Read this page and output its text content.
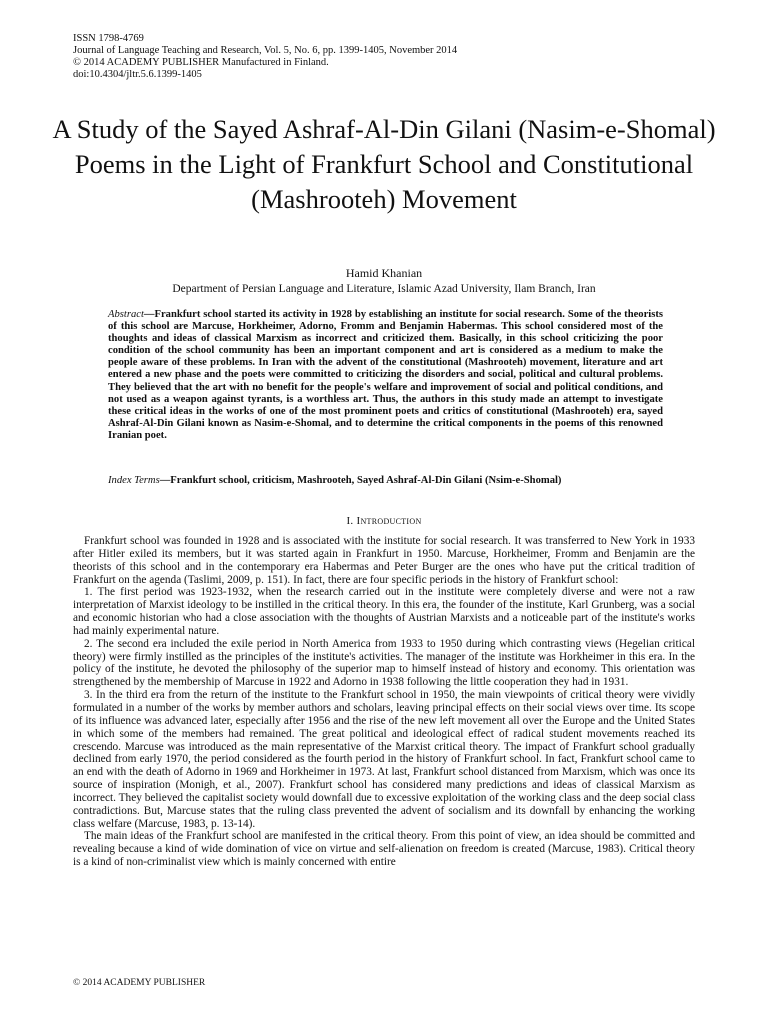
ISSN 1798-4769
Journal of Language Teaching and Research, Vol. 5, No. 6, pp. 1399-1405, November 2014
© 2014 ACADEMY PUBLISHER Manufactured in Finland.
doi:10.4304/jltr.5.6.1399-1405
A Study of the Sayed Ashraf-Al-Din Gilani (Nasim-e-Shomal) Poems in the Light of Frankfurt School and Constitutional (Mashrooteh) Movement
Hamid Khanian
Department of Persian Language and Literature, Islamic Azad University, Ilam Branch, Iran

Abstract—Frankfurt school started its activity in 1928 by establishing an institute for social research. Some of the theorists of this school are Marcuse, Horkheimer, Adorno, Fromm and Benjamin Habermas. This school considered most of the thoughts and ideas of classical Marxism as incorrect and criticized them. Basically, in this school criticizing the poor condition of the school community has been an important component and art is considered as a medium to make the people aware of these problems. In Iran with the advent of the constitutional (Mashrooteh) movement, literature and art entered a new phase and the poets were committed to criticizing the disorders and social, political and cultural problems. They believed that the art with no benefit for the people's welfare and improvement of social and political conditions, and not used as a weapon against tyrants, is a worthless art. Thus, the authors in this study made an attempt to investigate these critical ideas in the works of one of the most prominent poets and critics of constitutional (Mashrooteh) era, sayed Ashraf-Al-Din Gilani known as Nasim-e-Shomal, and to determine the critical components in the poems of this renowned Iranian poet.

Index Terms—Frankfurt school, criticism, Mashrooteh, Sayed Ashraf-Al-Din Gilani (Nsim-e-Shomal)

I. Introduction

Frankfurt school was founded in 1928 and is associated with the institute for social research. It was transferred to New York in 1933 after Hitler exiled its members, but it was started again in Frankfurt in 1950. Marcuse, Horkheimer, Fromm and Benjamin are the theorists of this school and in the contemporary era Habermas and Peter Burger are the ones who have put the critical tradition of Frankfurt on the agenda (Taslimi, 2009, p. 151). In fact, there are four specific periods in the history of Frankfurt school:

1. The first period was 1923-1932, when the research carried out in the institute were completely diverse and were not a raw interpretation of Marxist ideology to be instilled in the critical theory. In this era, the founder of the institute, Karl Grunberg, was a social and economic historian who had a close association with the thoughts of Austrian Marxists and a noticeable part of the institute's works had mainly experimental nature.

2. The second era included the exile period in North America from 1933 to 1950 during which contrasting views (Hegelian critical theory) were firmly instilled as the principles of the institute's activities. The manager of the institute was Horkheimer in this era. In the policy of the institute, he devoted the philosophy of the superior map to himself instead of history and economy. This orientation was strengthened by the membership of Marcuse in 1922 and Adorno in 1938 following the little cooperation they had in 1931.

3. In the third era from the return of the institute to the Frankfurt school in 1950, the main viewpoints of critical theory were vividly formulated in a number of the works by member authors and scholars, leaving principal effects on their social views over time. Its scope of its influence was advanced later, especially after 1956 and the rise of the new left movement all over the Europe and the United States in which some of the members had remained. The great political and ideological effect of radical student movements reached its crescendo. Marcuse was introduced as the main representative of the Marxist critical theory. The impact of Frankfurt school gradually declined from early 1970, the period considered as the fourth period in the history of Frankfurt school. In fact, Frankfurt school came to an end with the death of Adorno in 1969 and Horkheimer in 1973. At last, Frankfurt school distanced from Marxism, which was once its source of inspiration (Monigh, et al., 2007). Frankfurt school has considered many predictions and ideas of classical Marxism as incorrect. They believed the capitalist society would downfall due to excessive exploitation of the working class and the deep social class contradictions. But, Marcuse states that the ruling class prevented the advent of socialism and its downfall by enhancing the working class welfare (Marcuse, 1983, p. 13-14).

The main ideas of the Frankfurt school are manifested in the critical theory. From this point of view, an idea should be committed and revealing because a kind of wide domination of vice on virtue and self-alienation on freedom is created (Marcuse, 1983). Critical theory is a kind of non-criminalist view which is mainly concerned with entire

© 2014 ACADEMY PUBLISHER
